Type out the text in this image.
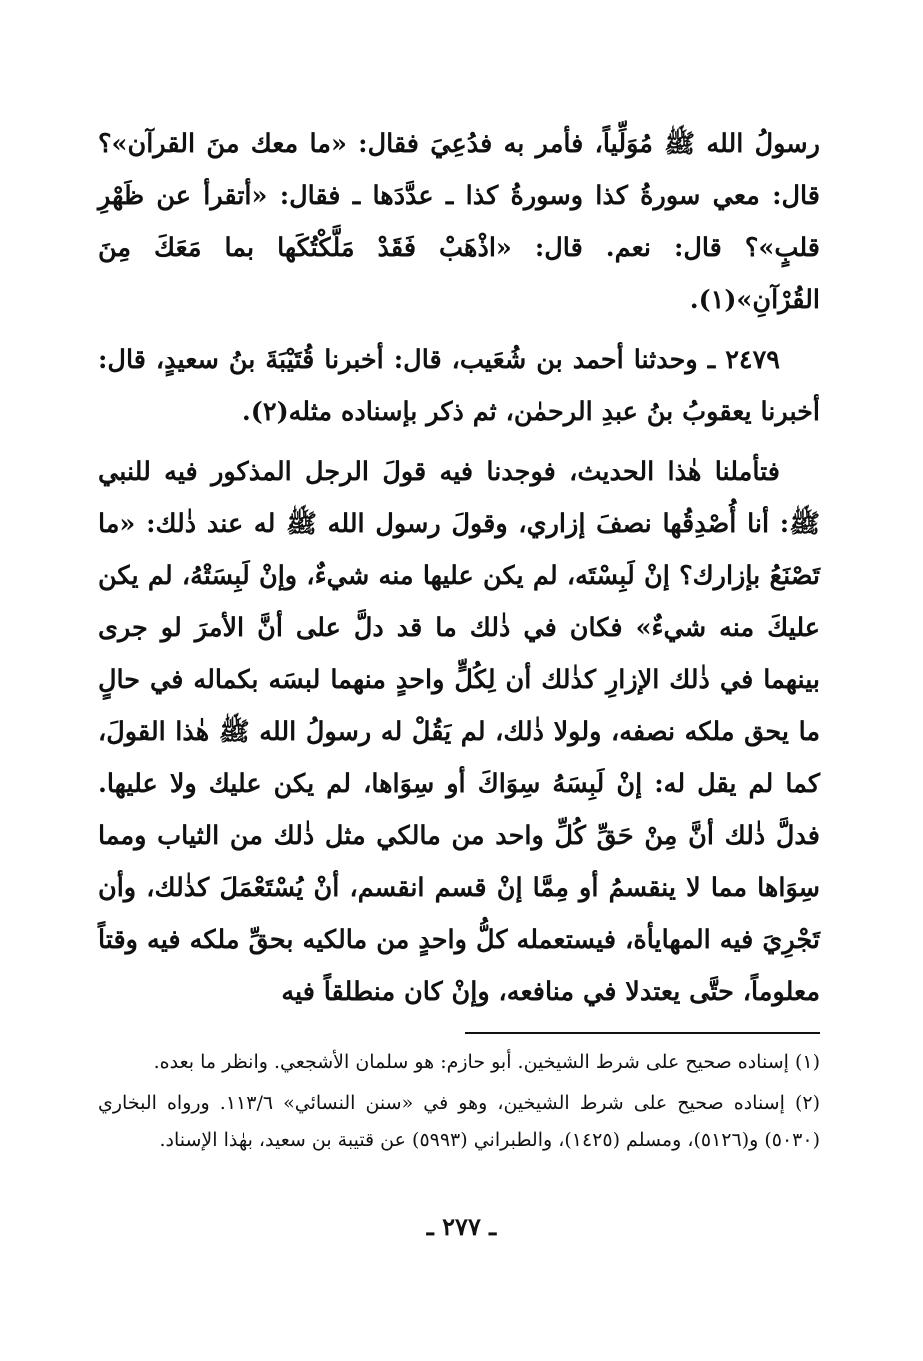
رسولُ الله ﷺ مُوَلِّياً، فأمر به فدُعِيَ فقال: «ما معك منَ القرآن»؟ قال: معي سورةُ كذا وسورةُ كذا ـ عدَّدَها ـ فقال: «أتقرأ عن ظَهْرِ قلبٍ»؟ قال: نعم. قال: «اذْهَبْ فَقَدْ مَلَّكْتُكَها بما مَعَكَ مِنَ القُرْآنِ»(١).

٢٤٧٩ ـ وحدثنا أحمد بن شُعَيب، قال: أخبرنا قُتَيْبَةَ بنُ سعيدٍ، قال: أخبرنا يعقوبُ بنُ عبدِ الرحمٰن، ثم ذكر بإسناده مثله(٢).

فتأملنا هٰذا الحديث، فوجدنا فيه قولَ الرجل المذكور فيه للنبي ﷺ: أنا أُصْدِقُها نصفَ إزاري، وقولَ رسول الله ﷺ له عند ذٰلك: «ما تَصْنَعُ بإزارك؟ إنْ لَبِسْتَه، لم يكن عليها منه شيءٌ، وإنْ لَبِسَتْهُ، لم يكن عليكَ منه شيءٌ» فكان في ذٰلك ما قد دلَّ على أنَّ الأمرَ لو جرى بينهما في ذٰلك الإزارِ كذٰلك أن لِكُلٍّ واحدٍ منهما لبسَه بكماله في حالٍ ما يحق ملكه نصفه، ولولا ذٰلك، لم يَقُلْ له رسولُ الله ﷺ هٰذا القولَ، كما لم يقل له: إنْ لَبِسَهُ سِوَاكَ أو سِوَاها، لم يكن عليك ولا عليها. فدلَّ ذٰلك أنَّ مِنْ حَقِّ كُلِّ واحد من مالكي مثل ذٰلك من الثياب ومما سِوَاها مما لا ينقسمُ أو مِمَّا إنْ قسم انقسم، أنْ يُسْتَعْمَلَ كذٰلك، وأن تَجْرِيَ فيه المهايأة، فيستعمله كلُّ واحدٍ من مالكيه بحقِّ ملكه فيه وقتاً معلوماً، حتَّى يعتدلا في منافعه، وإنْ كان منطلقاً فيه

(١) إسناده صحيح على شرط الشيخين. أبو حازم: هو سلمان الأشجعي. وانظر ما بعده.

(٢) إسناده صحيح على شرط الشيخين، وهو في «سنن النسائي» ١١٣/٦. ورواه البخاري (٥٠٣٠) و(٥١٢٦)، ومسلم (١٤٢٥)، والطبراني (٥٩٩٣) عن قتيبة بن سعيد، بهٰذا الإسناد.

ـ ٢٧٧ ـ
